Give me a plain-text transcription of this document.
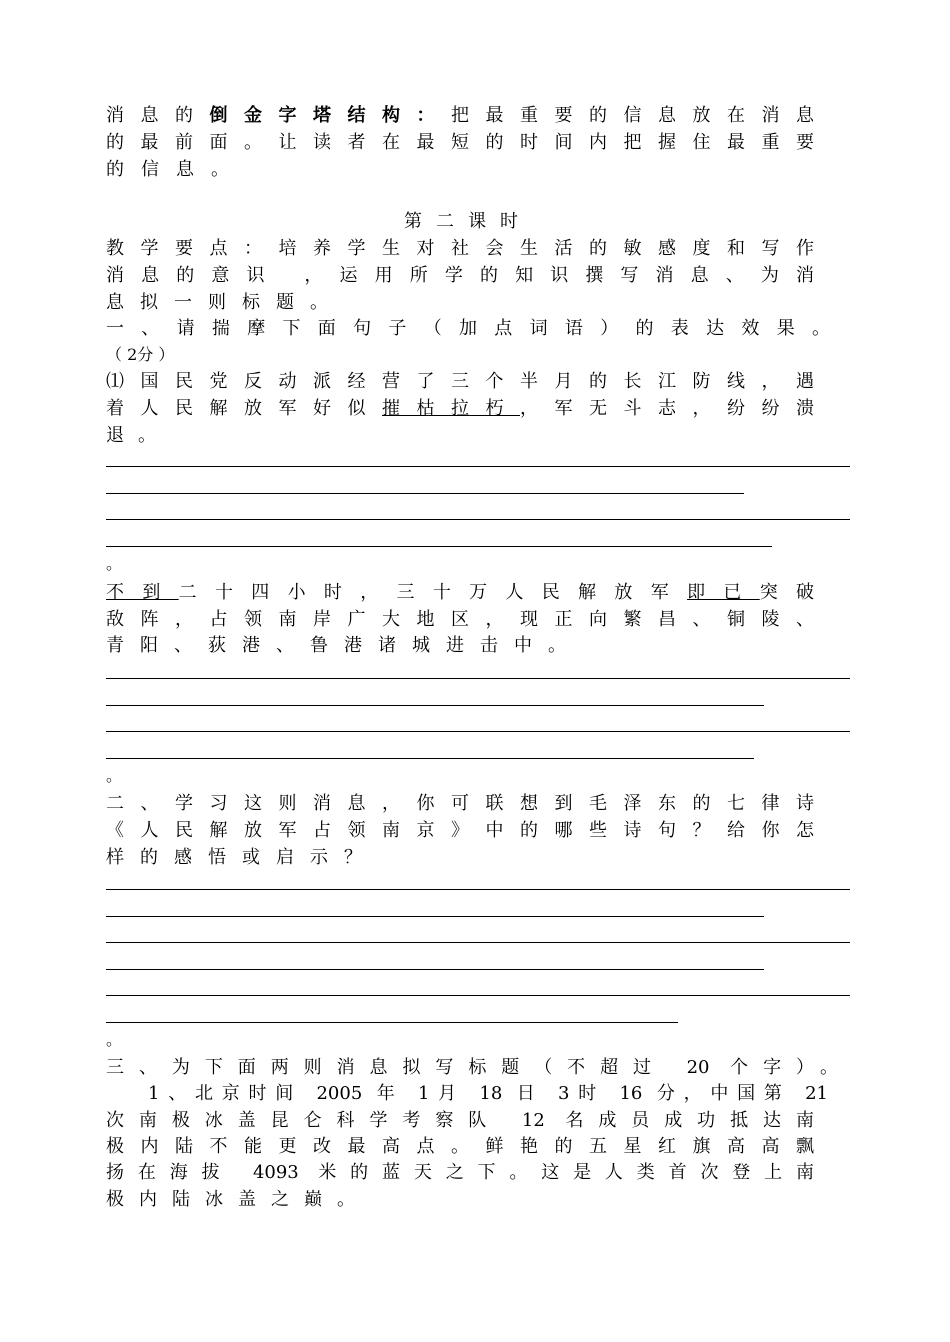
消息的倒金字塔结构：把最重要的信息放在消息
的最前面。让读者在最短的时间内把握住最重要
的信息。
第二课时
教学要点：培养学生对社会生活的敏感度和写作
消息的意识 ，运用所学的知识撰写消息、为消
息拟一则标题。
一、请揣摩下面句子（加点词语）的表达效果。
（ 2分 ）
⑴国民党反动派经营了三个半月的长江防线，遇
着人民解放军好似摧枯拉朽，军无斗志，纷纷溃
退。
。
不到二十四小时，三十万人民解放军即已突破
敌阵，占领南岸广大地区，现正向繁昌、铜陵、
青阳、荻港、鲁港诸城进击中。
。
二、学习这则消息，你可联想到毛泽东的七律诗
《人民解放军占领南京》中的哪些诗句？给你怎
样的感悟或启示？
。
三、为下面两则消息拟写标题（不超过 20 个字）。
1、北京时间 2005 年 1月 18 日 3时 16 分，中国第 21
次南极冰盖昆仑科学考察队 12 名成员成功抵达南
极内陆不能更改最高点。鲜艳的五星红旗高高飘
扬在海拔 4093 米的蓝天之下。这是人类首次登上南
极内陆冰盖之巅。
